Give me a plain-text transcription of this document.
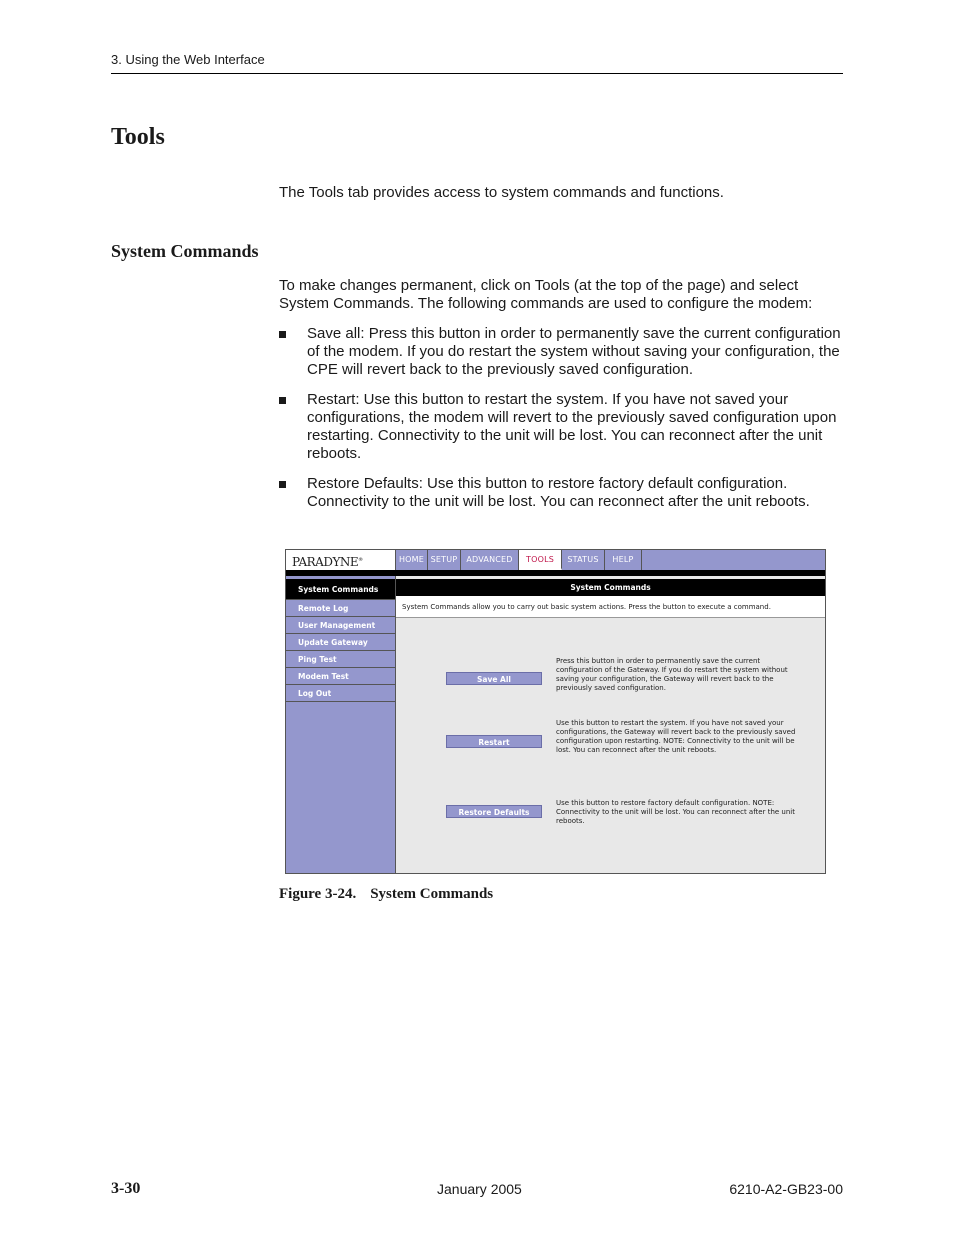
3. Using the Web Interface
Tools
The Tools tab provides access to system commands and functions.
System Commands
To make changes permanent, click on Tools (at the top of the page) and select System Commands. The following commands are used to configure the modem:
Save all: Press this button in order to permanently save the current configuration of the modem. If you do restart the system without saving your configuration, the CPE will revert back to the previously saved configuration.
Restart: Use this button to restart the system. If you have not saved your configurations, the modem will revert to the previously saved configuration upon restarting. Connectivity to the unit will be lost. You can reconnect after the unit reboots.
Restore Defaults: Use this button to restore factory default configuration. Connectivity to the unit will be lost. You can reconnect after the unit reboots.
PARADYNE®	HOME SETUP	ADVANCED	TOOLS	STATUS	HELP
System Commands
Remote Log
User Management
Update Gateway
Ping Test
Modem Test
Log Out
System Commands
System Commands allow you to carry out basic system actions. Press the button to execute a command.
Save All
Press this button in order to permanently save the current configuration of the Gateway. If you do restart the system without saving your configuration, the Gateway will revert back to the previously saved configuration.
Restart
Use this button to restart the system. If you have not saved your configurations, the Gateway will revert back to the previously saved configuration upon restarting. NOTE: Connectivity to the unit will be lost. You can reconnect after the unit reboots.
Restore Defaults
Use this button to restore factory default configuration. NOTE: Connectivity to the unit will be lost. You can reconnect after the unit reboots.
Figure 3-24. System Commands
3-30	January 2005	6210-A2-GB23-00
